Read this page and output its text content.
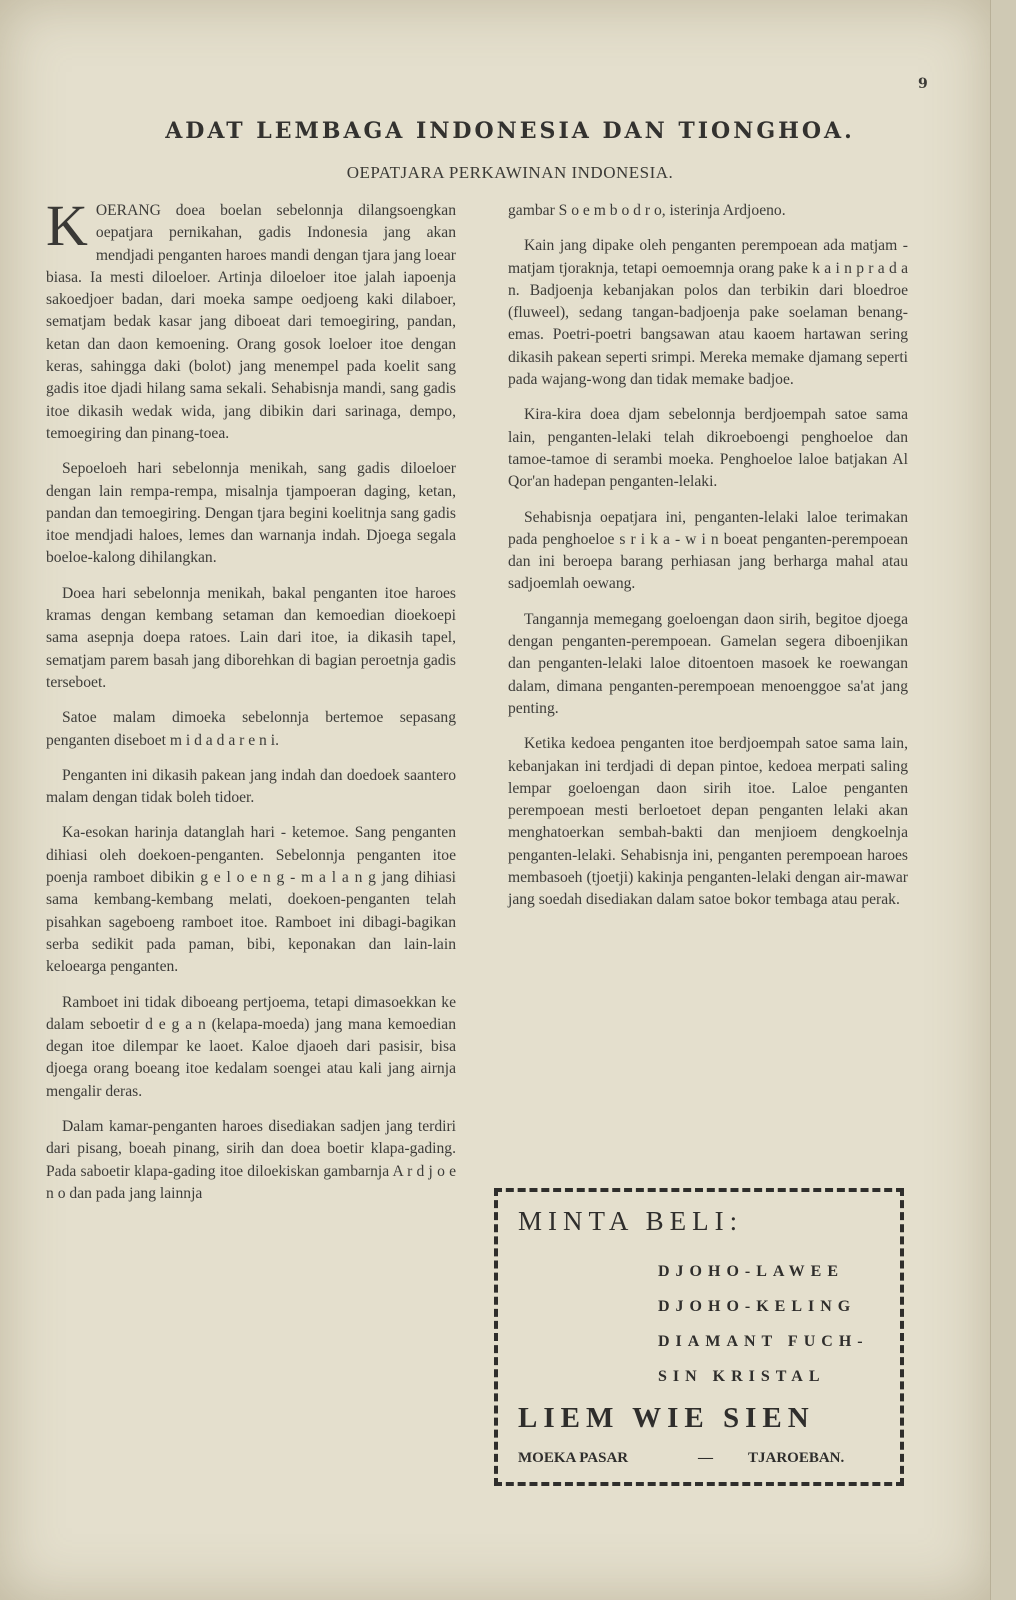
9
ADAT LEMBAGA INDONESIA DAN TIONGHOA.
OEPATJARA PERKAWINAN INDONESIA.

K OERANG doea boelan sebelonnja dilangsoengkan oepatjara pernikahan, gadis Indonesia jang akan mendjadi penganten haroes mandi dengan tjara jang loear biasa. Ia mesti diloeloer. Artinja diloeloer itoe jalah iapoenja sakoedjoer badan, dari moeka sampe oedjoeng kaki dilaboer, sematjam bedak kasar jang diboeat dari temoegiring, pandan, ketan dan daon kemoening. Orang gosok loeloer itoe dengan keras, sahingga daki (bolot) jang menempel pada koelit sang gadis itoe djadi hilang sama sekali. Sehabisnja mandi, sang gadis itoe dikasih wedak wida, jang dibikin dari sarinaga, dempo, temoegiring dan pinang-toea.

Sepoeloeh hari sebelonnja menikah, sang gadis diloeloer dengan lain rempa-rempa, misalnja tjampoeran daging, ketan, pandan dan temoegiring. Dengan tjara begini koelitnja sang gadis itoe mendjadi haloes, lemes dan warnanja indah. Djoega segala boeloe-kalong dihilangkan.

Doea hari sebelonnja menikah, bakal penganten itoe haroes kramas dengan kembang setaman dan kemoedian dioekoepi sama asepnja doepa ratoes. Lain dari itoe, ia dikasih tapel, sematjam parem basah jang diborehkan di bagian peroetnja gadis terseboet.

Satoe malam dimoeka sebelonnja bertemoe sepasang penganten diseboet m i d a d a r e n i.

Penganten ini dikasih pakean jang indah dan doedoek saantero malam dengan tidak boleh tidoer.

Ka-esokan harinja datanglah hari - ketemoe. Sang penganten dihiasi oleh doekoen-penganten. Sebelonnja penganten itoe poenja ramboet dibikin g e l o e n g - m a l a n g jang dihiasi sama kembang-kembang melati, doekoen-penganten telah pisahkan sageboeng ramboet itoe. Ramboet ini dibagi-bagikan serba sedikit pada paman, bibi, keponakan dan lain-lain keloearga penganten.

Ramboet ini tidak diboeang pertjoema, tetapi dimasoekkan ke dalam seboetir d e g a n (kelapa-moeda) jang mana kemoedian degan itoe dilempar ke laoet. Kaloe djaoeh dari pasisir, bisa djoega orang boeang itoe kedalam soengei atau kali jang airnja mengalir deras.

Dalam kamar-penganten haroes disediakan sadjen jang terdiri dari pisang, boeah pinang, sirih dan doea boetir klapa-gading. Pada saboetir klapa-gading itoe diloekiskan gambarnja A r d j o e n o dan pada jang lainnja

gambar S o e m b o d r o, isterinja Ardjoeno.

Kain jang dipake oleh penganten perempoean ada matjam - matjam tjoraknja, tetapi oemoemnja orang pake k a i n p r a d a n. Badjoenja kebanjakan polos dan terbikin dari bloedroe (fluweel), sedang tangan-badjoenja pake soelaman benang-emas. Poetri-poetri bangsawan atau kaoem hartawan sering dikasih pakean seperti srimpi. Mereka memake djamang seperti pada wajang-wong dan tidak memake badjoe.

Kira-kira doea djam sebelonnja berdjoempah satoe sama lain, penganten-lelaki telah dikroeboengi penghoeloe dan tamoe-tamoe di serambi moeka. Penghoeloe laloe batjakan Al Qor'an hadepan penganten-lelaki.

Sehabisnja oepatjara ini, penganten-lelaki laloe terimakan pada penghoeloe s r i k a - w i n boeat penganten-perempoean dan ini beroepa barang perhiasan jang berharga mahal atau sadjoemlah oewang.

Tangannja memegang goeloengan daon sirih, begitoe djoega dengan penganten-perempoean. Gamelan segera diboenjikan dan penganten-lelaki laloe ditoentoen masoek ke roewangan dalam, dimana penganten-perempoean menoenggoe sa'at jang penting.

Ketika kedoea penganten itoe berdjoempah satoe sama lain, kebanjakan ini terdjadi di depan pintoe, kedoea merpati saling lempar goeloengan daon sirih itoe. Laloe penganten perempoean mesti berloetoet depan penganten lelaki akan menghatoerkan sembah-bakti dan menjioem dengkoelnja penganten-lelaki. Sehabisnja ini, penganten perempoean haroes membasoeh (tjoetji) kakinja penganten-lelaki dengan air-mawar jang soedah disediakan dalam satoe bokor tembaga atau perak.

MINTA BELI:
DJOHO-LAWEE
DJOHO-KELING
DIAMANT FUCH-
SIN KRISTAL
LIEM WIE SIEN
MOEKA PASAR	— TJAROEBAN.
